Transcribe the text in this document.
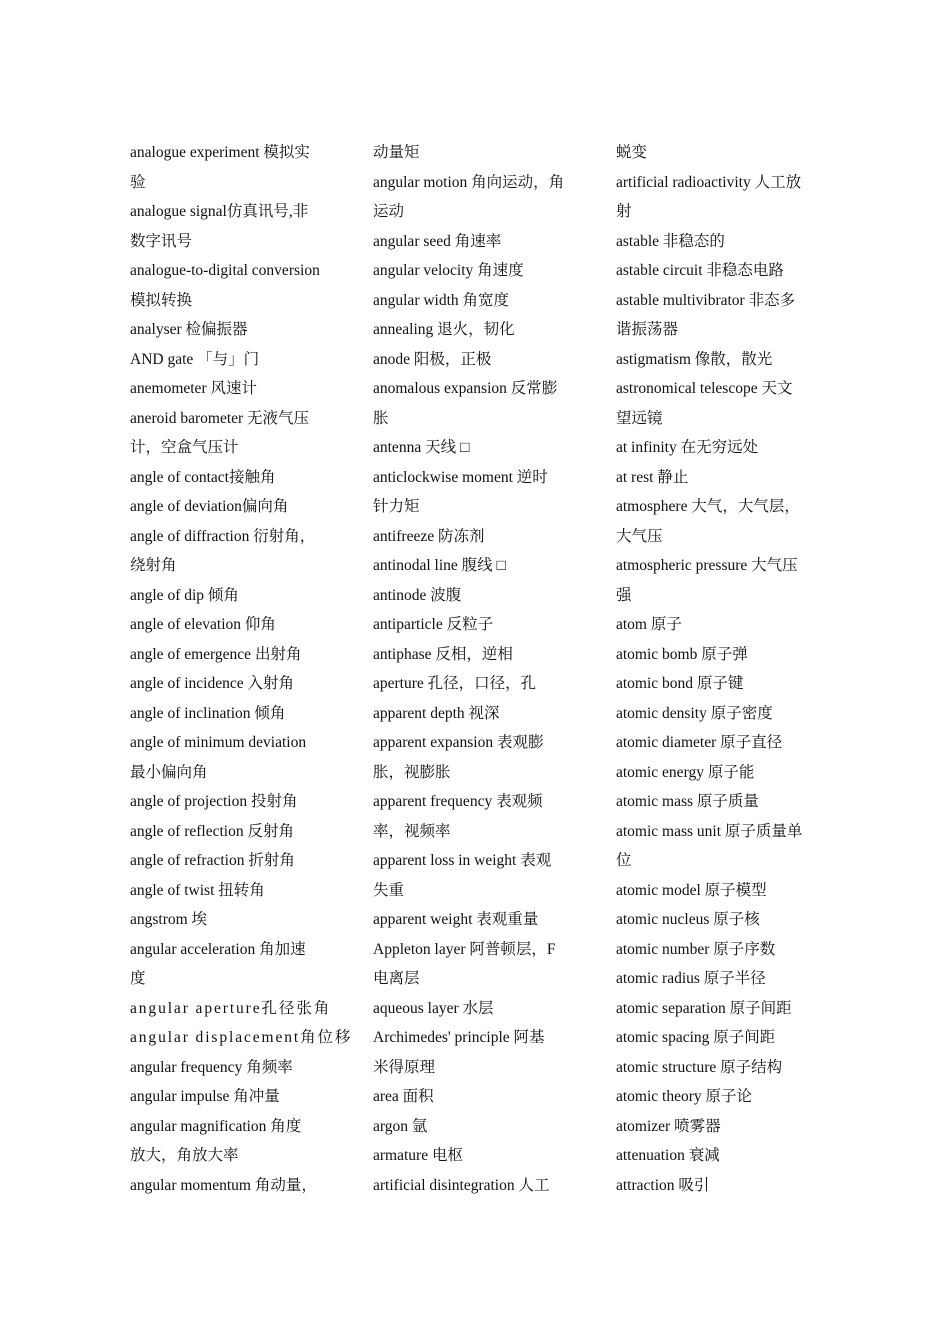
analogue experiment 模拟实
验
analogue signal仿真讯号,非
数字讯号
analogue-to-digital conversion
模拟转换
analyser 检偏振器
AND gate 「与」门
anemometer 风速计
aneroid barometer 无液气压
计，空盒气压计
angle of contact接触角
angle of deviation偏向角
angle of diffraction 衍射角，
绕射角
angle of dip 倾角
angle of elevation 仰角
angle of emergence 出射角
angle of incidence 入射角
angle of inclination 倾角
angle of minimum deviation
最小偏向角
angle of projection 投射角
angle of reflection 反射角
angle of refraction 折射角
angle of twist 扭转角
angstrom 埃
angular acceleration 角加速
度
angular aperture孔径张角
angular displacement角位移
angular frequency 角频率
angular impulse 角冲量
angular magnification 角度
放大，角放大率
angular momentum 角动量，
动量矩
angular motion 角向运动，角
运动
angular seed 角速率
angular velocity 角速度
angular width 角宽度
annealing 退火，韧化
anode 阳极，正极
anomalous expansion 反常膨
胀
antenna 天线 □
anticlockwise moment 逆时
针力矩
antifreeze 防冻剂
antinodal line 腹线 □
antinode 波腹
antiparticle 反粒子
antiphase 反相，逆相
aperture 孔径，口径，孔
apparent depth 视深
apparent expansion 表观膨
胀，视膨胀
apparent frequency 表观频
率，视频率
apparent loss in weight 表观
失重
apparent weight 表观重量
Appleton layer 阿普顿层，F
电离层
aqueous layer 水层
Archimedes' principle 阿基
米得原理
area 面积
argon 氩
armature 电枢
artificial disintegration 人工
蜕变
artificial radioactivity 人工放
射
astable 非稳态的
astable circuit 非稳态电路
astable multivibrator 非态多
谐振荡器
astigmatism 像散，散光
astronomical telescope 天文
望远镜
at infinity 在无穷远处
at rest 静止
atmosphere 大气，大气层，
大气压
atmospheric pressure 大气压
强
atom 原子
atomic bomb 原子弹
atomic bond 原子键
atomic density 原子密度
atomic diameter 原子直径
atomic energy 原子能
atomic mass 原子质量
atomic mass unit 原子质量单
位
atomic model 原子模型
atomic nucleus 原子核
atomic number 原子序数
atomic radius 原子半径
atomic separation 原子间距
atomic spacing 原子间距
atomic structure 原子结构
atomic theory 原子论
atomizer 喷雾器
attenuation 衰减
attraction 吸引
